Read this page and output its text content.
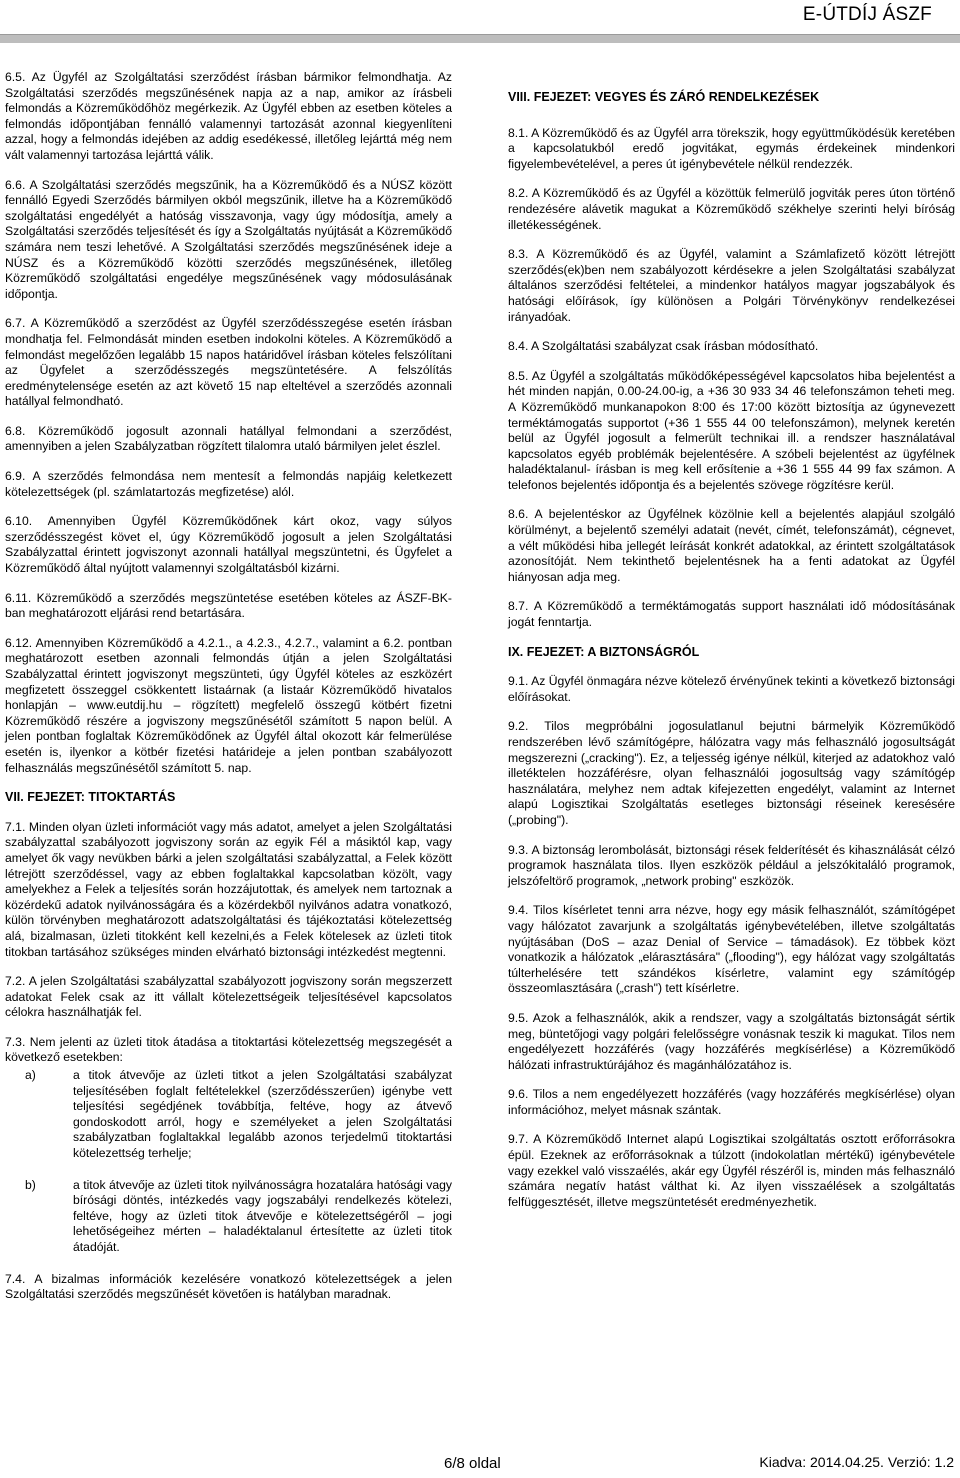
E-ÚTDÍJ ÁSZF

6.5. Az Ügyfél az Szolgáltatási szerződést írásban bármikor felmondhatja. Az Szolgáltatási szerződés megszűnésének napja az a nap, amikor az írásbeli felmondás a Közreműködőhöz megérkezik. Az Ügyfél ebben az esetben köteles a felmondás időpontjában fennálló valamennyi tartozását azonnal kiegyenlíteni azzal, hogy a felmondás idejében az addig esedékessé, illetőleg lejárttá még nem vált valamennyi tartozása lejárttá válik.

6.6. A Szolgáltatási szerződés megszűnik, ha a Közreműködő és a NÚSZ között fennálló Egyedi Szerződés bármilyen okból megszűnik, illetve ha a Közreműködő szolgáltatási engedélyét a hatóság visszavonja, vagy úgy módosítja, amely a Szolgáltatási szerződés teljesítését és így a Szolgáltatás nyújtását a Közreműködő számára nem teszi lehetővé. A Szolgáltatási szerződés megszűnésének ideje a NÚSZ és a Közreműködő közötti szerződés megszűnésének, illetőleg Közreműködő szolgáltatási engedélye megszűnésének vagy módosulásának időpontja.

6.7. A Közreműködő a szerződést az Ügyfél szerződésszegése esetén írásban mondhatja fel. Felmondását minden esetben indokolni köteles. A Közreműködő a felmondást megelőzően legalább 15 napos határidővel írásban köteles felszólítani az Ügyfelet a szerződésszegés megszüntetésére. A felszólítás eredménytelensége esetén az azt követő 15 nap elteltével a szerződés azonnali hatállyal felmondható.

6.8. Közreműködő jogosult azonnali hatállyal felmondani a szerződést, amennyiben a jelen Szabályzatban rögzített tilalomra utaló bármilyen jelet észlel.

6.9. A szerződés felmondása nem mentesít a felmondás napjáig keletkezett kötelezettségek (pl. számlatartozás megfizetése) alól.

6.10. Amennyiben Ügyfél Közreműködőnek kárt okoz, vagy súlyos szerződésszegést követ el, úgy Közreműködő jogosult a jelen Szolgáltatási Szabályzattal érintett jogviszonyt azonnali hatállyal megszüntetni, és Ügyfelet a Közreműködő által nyújtott valamennyi szolgáltatásból kizárni.

6.11. Közreműködő a szerződés megszüntetése esetében köteles az ÁSZF-BK-ban meghatározott eljárási rend betartására.

6.12. Amennyiben Közreműködő a 4.2.1., a 4.2.3., 4.2.7., valamint a 6.2. pontban meghatározott esetben azonnali felmondás útján a jelen Szolgáltatási Szabályzattal érintett jogviszonyt megszünteti, úgy Ügyfél köteles az eszközért megfizetett összeggel csökkentett listaárnak (a listaár Közreműködő hivatalos honlapján – www.eutdij.hu – rögzített) megfelelő összegű kötbért fizetni Közreműködő részére a jogviszony megszűnésétől számított 5 napon belül. A jelen pontban foglaltak Közreműködőnek az Ügyfél által okozott kár felmerülése esetén is, ilyenkor a kötbér fizetési határideje a jelen pontban szabályozott felhasználás megszűnésétől számított 5. nap.

VII. FEJEZET: TITOKTARTÁS

7.1. Minden olyan üzleti információt vagy más adatot, amelyet a jelen Szolgáltatási szabályzattal szabályozott jogviszony során az egyik Fél a másiktól kap, vagy amelyet ők vagy nevükben bárki a jelen szolgáltatási szabályzattal, a Felek között létrejött szerződéssel, vagy az ebben foglaltakkal kapcsolatban közölt, vagy amelyekhez a Felek a teljesítés során hozzájutottak, és amelyek nem tartoznak a közérdekű adatok nyilvánosságára és a közérdekből nyilvános adatra vonatkozó, külön törvényben meghatározott adatszolgáltatási és tájékoztatási kötelezettség alá, bizalmasan, üzleti titokként kell kezelni,és a Felek kötelesek az üzleti titok titokban tartásához szükséges minden elvárható biztonsági intézkedést megtenni.

7.2. A jelen Szolgáltatási szabályzattal szabályozott jogviszony során megszerzett adatokat Felek csak az itt vállalt kötelezettségeik teljesítésével kapcsolatos célokra használhatják fel.

7.3. Nem jelenti az üzleti titok átadása a titoktartási kötelezettség megszegését a következő esetekben:

a)	a titok átvevője az üzleti titkot a jelen Szolgáltatási szabályzat teljesítésében foglalt feltételekkel (szerződésszerűen) igénybe vett teljesítési segédjének továbbítja, feltéve, hogy az átvevő gondoskodott arról, hogy e személyeket a jelen Szolgáltatási szabályzatban foglaltakkal legalább azonos terjedelmű titoktartási kötelezettség terhelje;
b)	a titok átvevője az üzleti titok nyilvánosságra hozatalára hatósági vagy bírósági döntés, intézkedés vagy jogszabályi rendelkezés kötelezi, feltéve, hogy az üzleti titok átvevője e kötelezettségéről – jogi lehetőségeihez mérten – haladéktalanul értesítette az üzleti titok átadóját.

7.4. A bizalmas információk kezelésére vonatkozó kötelezettségek a jelen Szolgáltatási szerződés megszűnését követően is hatályban maradnak.

VIII. FEJEZET: VEGYES ÉS ZÁRÓ RENDELKEZÉSEK

8.1. A Közreműködő és az Ügyfél arra törekszik, hogy együttműködésük keretében a kapcsolatukból eredő jogvitákat, egymás érdekeinek mindenkori figyelembevételével, a peres út igénybevétele nélkül rendezzék.

8.2. A Közreműködő és az Ügyfél a közöttük felmerülő jogviták peres úton történő rendezésére alávetik magukat a Közreműködő székhelye szerinti helyi bíróság illetékességének.

8.3. A Közreműködő és az Ügyfél, valamint a Számlafizető között létrejött szerződés(ek)ben nem szabályozott kérdésekre a jelen Szolgáltatási szabályzat általános szerződési feltételei, a mindenkor hatályos magyar jogszabályok és hatósági előírások, így különösen a Polgári Törvénykönyv rendelkezései irányadóak.

8.4. A Szolgáltatási szabályzat csak írásban módosítható.

8.5. Az Ügyfél a szolgáltatás működőképességével kapcsolatos hiba bejelentést a hét minden napján, 0.00-24.00-ig, a +36 30 933 34 46 telefonszámon teheti meg. A Közreműködő munkanapokon 8:00 és 17:00 között biztosítja az úgynevezett terméktámogatás supportot (+36 1 555 44 00 telefonszámon), melynek keretén belül az Ügyfél jogosult a felmerült technikai ill. a rendszer használatával kapcsolatos egyéb problémák bejelentésére. A szóbeli bejelentést az ügyfélnek haladéktalanul- írásban is meg kell erősítenie a +36 1 555 44 99 fax számon. A telefonos bejelentés időpontja és a bejelentés szövege rögzítésre kerül.

8.6. A bejelentéskor az Ügyfélnek közölnie kell a bejelentés alapjául szolgáló körülményt, a bejelentő személyi adatait (nevét, címét, telefonszámát), cégnevet, a vélt működési hiba jellegét leírását konkrét adatokkal, az érintett szolgáltatások azonosítóját. Nem tekinthető bejelentésnek ha a fenti adatokat az Ügyfél hiányosan adja meg.

8.7. A Közreműködő a terméktámogatás support használati idő módosításának jogát fenntartja.

IX. FEJEZET: A BIZTONSÁGRÓL

9.1. Az Ügyfél önmagára nézve kötelező érvényűnek tekinti a következő biztonsági előírásokat.

9.2. Tilos megpróbálni jogosulatlanul bejutni bármelyik Közreműködő rendszerében lévő számítógépre, hálózatra vagy más felhasználó jogosultságát megszerezni („cracking"). Ez, a teljesség igénye nélkül, kiterjed az adatokhoz való illetéktelen hozzáférésre, olyan felhasználói jogosultság vagy számítógép használatára, melyhez nem adtak kifejezetten engedélyt, valamint az Internet alapú Logisztikai Szolgáltatás esetleges biztonsági réseinek keresésére („probing").

9.3. A biztonság lerombolását, biztonsági rések felderítését és kihasználását célzó programok használata tilos. Ilyen eszközök például a jelszókitaláló programok, jelszófeltörő programok, „network probing" eszközök.

9.4. Tilos kísérletet tenni arra nézve, hogy egy másik felhasználót, számítógépet vagy hálózatot zavarjunk a szolgáltatás igénybevételében, illetve szolgáltatás nyújtásában (DoS – azaz Denial of Service – támadások). Ez többek közt vonatkozik a hálózatok „elárasztására" („flooding"), egy hálózat vagy szolgáltatás túlterhelésére tett szándékos kísérletre, valamint egy számítógép összeomlasztására („crash") tett kísérletre.

9.5. Azok a felhasználók, akik a rendszer, vagy a szolgáltatás biztonságát sértik meg, büntetőjogi vagy polgári felelősségre vonásnak teszik ki magukat. Tilos nem engedélyezett hozzáférés (vagy hozzáférés megkísérlése) a Közreműködő hálózati infrastruktúrájához és magánhálózatához is.

9.6. Tilos a nem engedélyezett hozzáférés (vagy hozzáférés megkísérlése) olyan információhoz, melyet másnak szántak.

9.7. A Közreműködő Internet alapú Logisztikai szolgáltatás osztott erőforrásokra épül. Ezeknek az erőforrásoknak a túlzott (indokolatlan mértékű) igénybevétele vagy ezekkel való visszaélés, akár egy Ügyfél részéről is, minden más felhasználó számára negatív hatást válthat ki. Az ilyen visszaélések a szolgáltatás felfüggesztését, illetve megszüntetését eredményezhetik.

6/8 oldal	Kiadva: 2014.04.25. Verzió: 1.2
